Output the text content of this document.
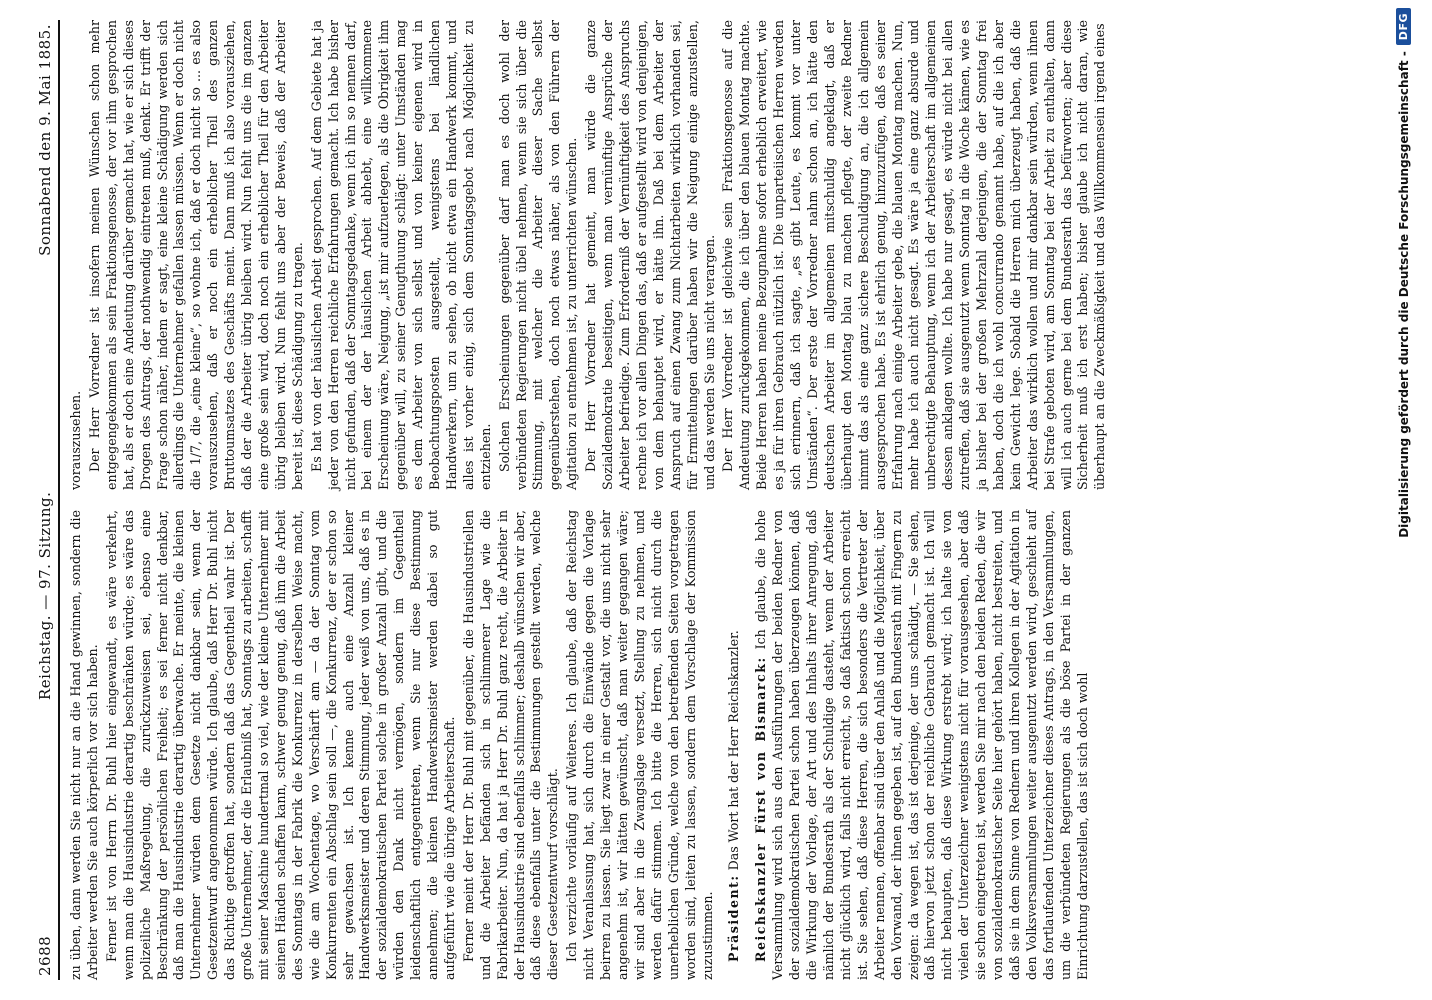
2688
Reichstag. — 97. Sitzung.
Sonnabend den 9. Mai 1885.

zu üben, dann werden Sie nicht nur an die Hand gewinnen, sondern die Arbeiter werden Sie auch körperlich vor sich haben. Ferner ist von Herrn Dr. Buhl hier eingewandt, es wäre verkehrt, wenn man die Hausindustrie derartig beschränken würde; es wäre das polizeiliche Maßregelung, die zurückzuweisen sei, ebenso eine Beschränkung der persönlichen Freiheit; es sei ferner nicht denkbar, daß man die Hausindustrie derartig überwache. Er meinte, die kleinen Unternehmer würden dem Gesetze nicht dankbar sein, wenn der Gesetzentwurf angenommen würde. Ich glaube, daß Herr Dr. Buhl nicht das Richtige getroffen hat, sondern daß das Gegentheil wahr ist. Der große Unternehmer, der die Erlaubniß hat, Sonntags zu arbeiten, schafft mit seiner Maschine hundertmal so viel, wie der kleine Unternehmer mit seinen Händen schaffen kann, schwer genug genug, daß ihm die Arbeit des Sonntags in der Fabrik die Konkurrenz in derselben Weise macht, wie die am Wochentage, wo Verschärft am — da der Sonntag vom Konkurrenten ein Abschlag sein soll —, die Konkurrenz, der er schon so sehr gewachsen ist. Ich kenne auch eine Anzahl kleiner Handwerksmeister und deren Stimmung, jeder weiß von uns, daß es in der sozialdemokratischen Partei solche in großer Anzahl gibt, und die würden den Dank nicht vermögen, sondern im Gegentheil leidenschaftlich entgegentreten, wenn Sie nur diese Bestimmung annehmen; die kleinen Handwerksmeister werden dabei so gut aufgeführt wie die übrige Arbeiterschaft. Ferner meint der Herr Dr. Buhl mit gegenüber, die Hausindustriellen und die Arbeiter befänden sich in schlimmerer Lage wie die Fabrikarbeiter. Nun, da hat ja Herr Dr. Buhl ganz recht, die Arbeiter in der Hausindustrie sind ebenfalls schlimmer; deshalb wünschen wir aber, daß diese ebenfalls unter die Bestimmungen gestellt werden, welche dieser Gesetzentwurf vorschlägt. Ich verzichte vorläufig auf Weiteres. Ich glaube, daß der Reichstag nicht Veranlassung hat, sich durch die Einwände gegen die Vorlage beirren zu lassen. Sie liegt zwar in einer Gestalt vor, die uns nicht sehr angenehm ist, wir hätten gewünscht, daß man weiter gegangen wäre; wir sind aber in die Zwangslage versetzt, Stellung zu nehmen, und werden dafür stimmen. Ich bitte die Herren, sich nicht durch die unerheblichen Gründe, welche von den betreffenden Seiten vorgetragen worden sind, leiten zu lassen, sondern dem Vorschlage der Kommission zuzustimmen. Präsident: Das Wort hat der Herr Reichskanzler. Reichskanzler Fürst von Bismarck: Ich glaube, die hohe Versammlung wird sich aus den Ausführungen der beiden Redner von der sozialdemokratischen Partei schon haben überzeugen können, daß die Wirkung der Vorlage, der Art und des Inhalts ihrer Anregung, daß nämlich der Bundesrath als der Schuldige dasteht, wenn der Arbeiter nicht glücklich wird, falls nicht erreicht, so daß faktisch schon erreicht ist. Sie sehen, daß diese Herren, die sich besonders die Vertreter der Arbeiter nennen, offenbar sind über den Anlaß und die Möglichkeit, über den Vorwand, der ihnen gegeben ist, auf den Bundesrath mit Fingern zu zeigen: da wegen ist, das ist derjenige, der uns schädigt, — Sie sehen, daß hiervon jetzt schon der reichliche Gebrauch gemacht ist. Ich will nicht behaupten, daß diese Wirkung erstrebt wird; ich halte sie von vielen der Unterzeichner wenigstens nicht für vorausgesehen, aber daß sie schon eingetreten ist, werden Sie mir nach den beiden Reden, die wir von sozialdemokratischer Seite hier gehört haben, nicht bestreiten, und daß sie in dem Sinne von Rednern und ihren Kollegen in der Agitation in den Volksversammlungen weiter ausgenutzt werden wird, geschieht auf das fortlaufenden Unterzeichner dieses Antrags, in den Versammlungen, um die verbündeten Regierungen als die böse Partei in der ganzen Einrichtung darzustellen, das ist sich doch wohl

vorauszusehen. Der Herr Vorredner ist insofern meinen Wünschen schon mehr entgegengekommen als sein Fraktionsgenosse, der vor ihm gesprochen hat, als er doch eine Andeutung darüber gemacht hat, wie er sich dieses Drogen des Antrags, der nothwendig eintreten muß, denkt. Er trifft der Frage schon näher, indem er sagt, eine kleine Schädigung werden sich allerdings die Unternehmer gefallen lassen müssen. Wenn er doch nicht die 1/7, die „eine kleine“, so wohne ich, daß er doch nicht so ... es also vorauszusehen, daß er noch ein erheblicher Theil des ganzen Bruttoumsatzes des Geschäfts meint. Dann muß ich also vorausziehen, daß der die Arbeiter übrig bleiben wird. Nun fehlt uns die im ganzen eine große sein wird, doch noch ein erheblicher Theil für den Arbeiter übrig bleiben wird. Nun fehlt uns aber der Beweis, daß der Arbeiter bereit ist, diese Schädigung zu tragen. Es hat von der häuslichen Arbeit gesprochen. Auf dem Gebiete hat ja jeder von den Herren reichliche Erfahrungen gemacht. Ich habe bisher nicht gefunden, daß der Sonntagsgedanke, wenn ich ihn so nennen darf, bei einem der der häuslichen Arbeit abhebt, eine willkommene Erscheinung wäre, Neigung, „ist mir aufzuerlegen, als die Obrigkeit ihm gegenüber will, zu seiner Genugthuung schlägt: unter Umständen mag es dem Arbeiter von sich selbst und von keiner eigenen wird in Beobachtungsposten ausgestellt, wenigstens bei ländlichen Handwerkern, um zu sehen, ob nicht etwa ein Handwerk kommt, und alles ist vorher einig, sich dem Sonntagsgebot nach Möglichkeit zu entziehen. Solchen Erscheinungen gegenüber darf man es doch wohl der verbündeten Regierungen nicht übel nehmen, wenn sie sich über die Stimmung, mit welcher die Arbeiter dieser Sache selbst gegenüberstehen, doch noch etwas näher, als von den Führern der Agitation zu entnehmen ist, zu unterrichten wünschen. Der Herr Vorredner hat gemeint, man würde die ganze Sozialdemokratie beseitigen, wenn man vernünftige Ansprüche der Arbeiter befriedige. Zum Erforderniß der Vernünftigkeit des Anspruchs rechne ich vor allen Dingen das, daß er aufgestellt wird von denjenigen, von dem behauptet wird, er hätte ihn. Daß bei dem Arbeiter der Anspruch auf einen Zwang zum Nichtarbeiten wirklich vorhanden sei, für Ermittelungen darüber haben wir die Neigung einige anzustellen, und das werden Sie uns nicht verargen. Der Herr Vorredner ist gleichwie sein Fraktionsgenosse auf die Andeutung zurückgekommen, die ich über den blauen Montag machte. Beide Herren haben meine Bezugnahme sofort erheblich erweitert, wie es ja für ihren Gebrauch nützlich ist. Die unparteiischen Herren werden sich erinnern, daß ich sagte, „es gibt Leute, es kommt vor unter Umständen“. Der erste der Vorredner nahm schon an, ich hätte den deutschen Arbeiter im allgemeinen mitschuldig angeklagt, daß er überhaupt den Montag blau zu machen pflegte, der zweite Redner nimmt das als eine ganz sichere Beschuldigung an, die ich allgemein ausgesprochen habe. Es ist ehrlich genug, hinzuzufügen, daß es seiner Erfahrung nach einige Arbeiter gebe, die blauen Montag machen. Nun, mehr habe ich auch nicht gesagt. Es wäre ja eine ganz absurde und unberechtigte Behauptung, wenn ich der Arbeiterschaft im allgemeinen dessen anklagen wollte. Ich habe nur gesagt, es würde nicht bei allen zutreffen, daß sie ausgenutzt wenn Sonntag in die Woche kämen, wie es ja bisher bei der großen Mehrzahl derjenigen, die der Sonntag frei haben, doch die ich wohl concurrando genannt habe, auf die ich aber kein Gewicht lege. Sobald die Herren mich überzeugt haben, daß die Arbeiter das wirklich wollen und mir dankbar sein würden, wenn ihnen bei Strafe geboten wird, am Sonntag bei der Arbeit zu enthalten, dann will ich auch gerne bei dem Bundesrath das befürworten; aber diese Sicherheit muß ich erst haben; bisher glaube ich nicht daran, wie überhaupt an die Zweckmäßigkeit und das Willkommensein irgend eines	Digitalisierung gefördert durch die Deutsche Forschungsgemeinschaft -
DFG
